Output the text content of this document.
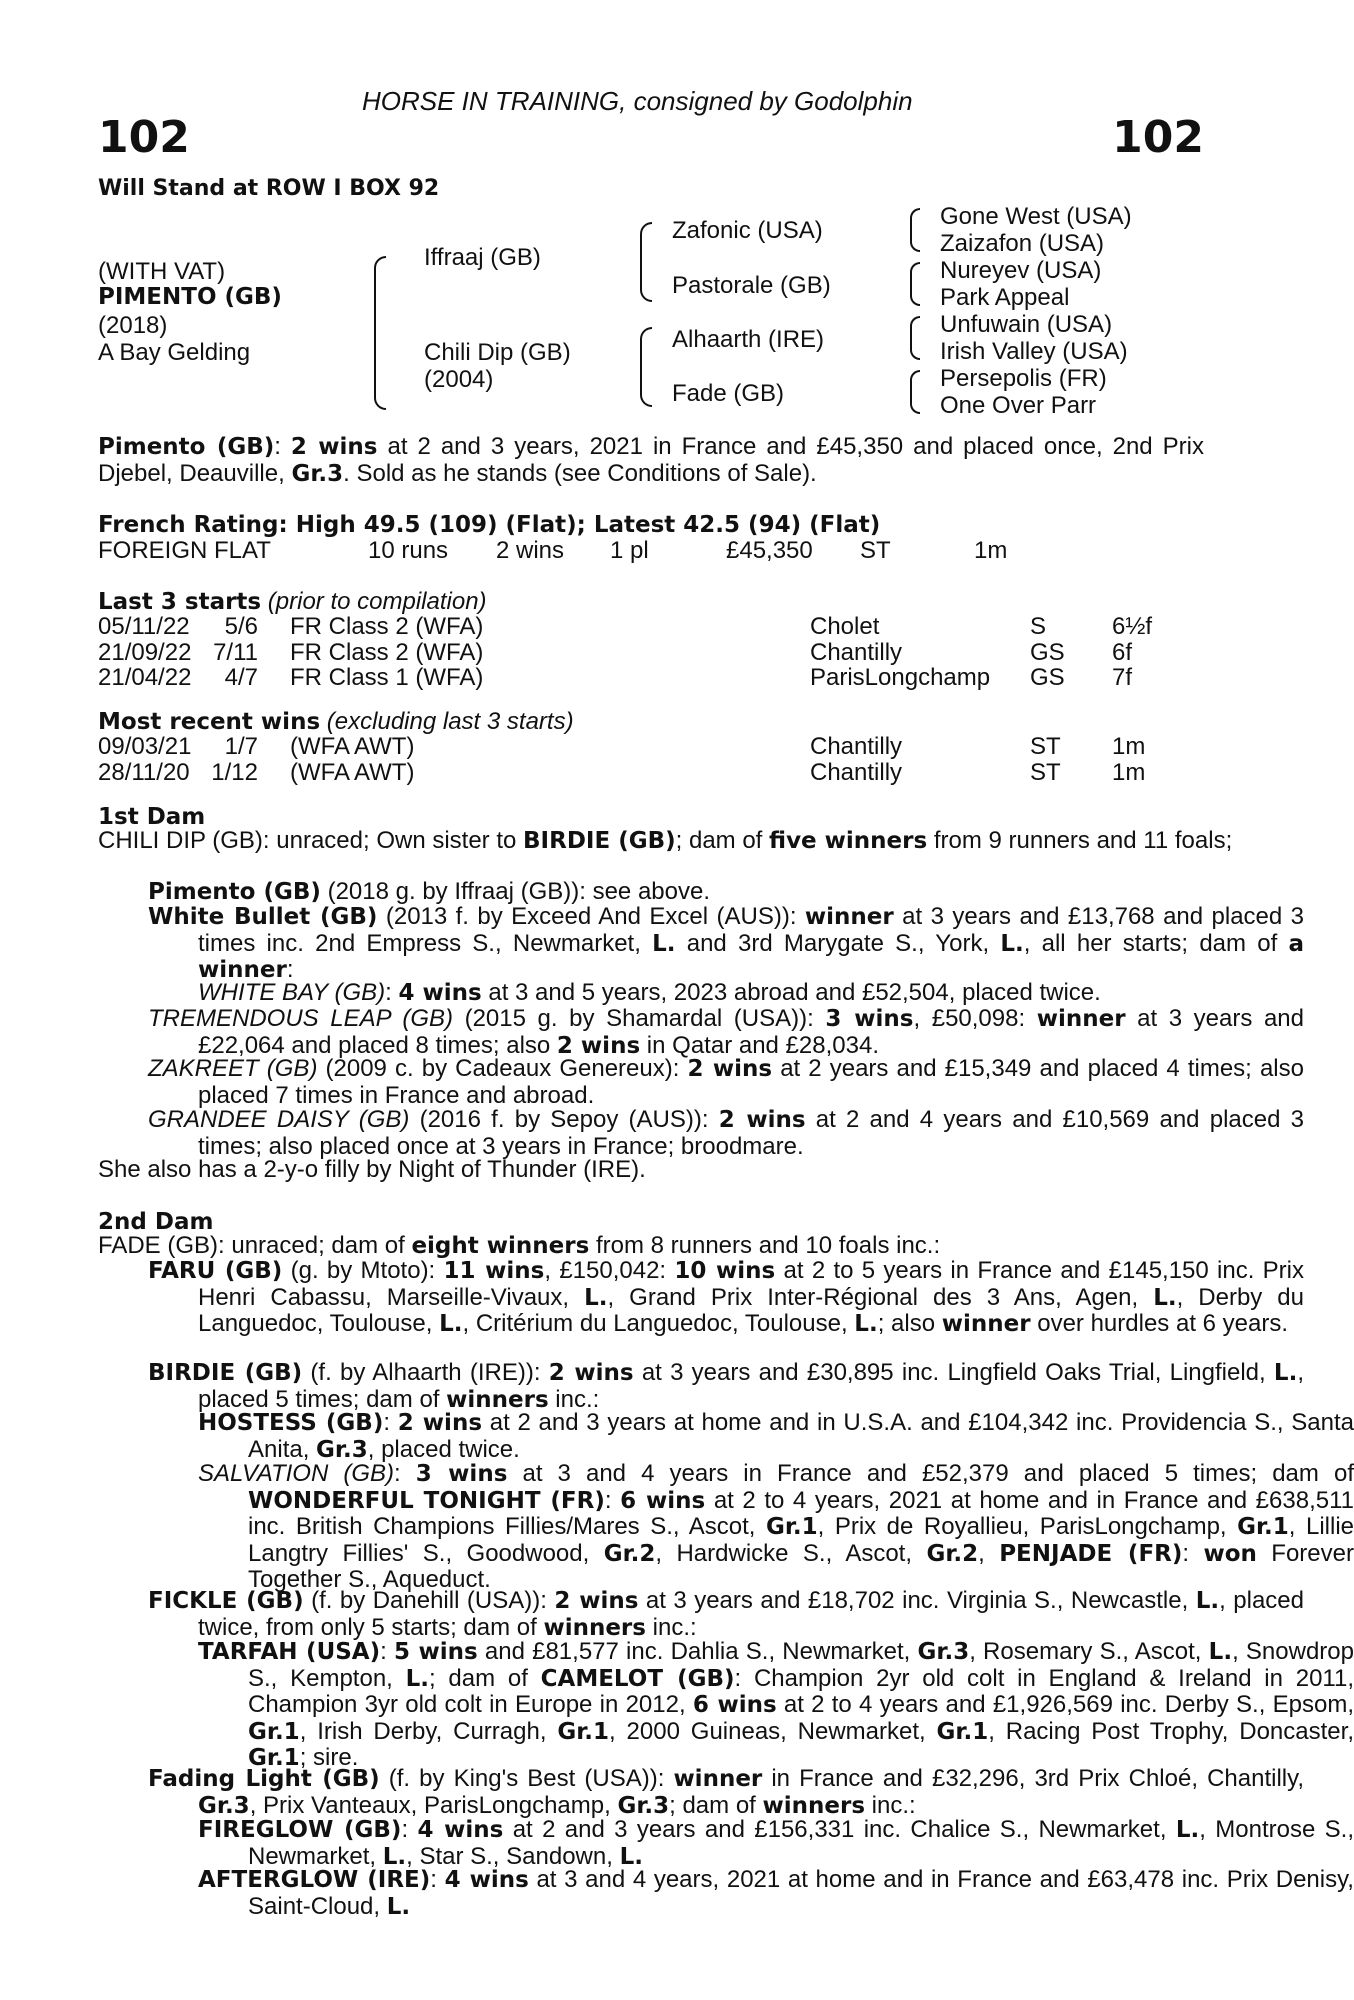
102	102
HORSE IN TRAINING, consigned by Godolphin
Will Stand at ROW I BOX 92
(WITH VAT)
PIMENTO (GB)
(2018)
A Bay Gelding
Iffraaj (GB)
Chili Dip (GB)
(2004)
Zafonic (USA)
Pastorale (GB)
Alhaarth (IRE)
Fade (GB)
Gone West (USA)
Zaizafon (USA)
Nureyev (USA)
Park Appeal
Unfuwain (USA)
Irish Valley (USA)
Persepolis (FR)
One Over Parr

Pimento (GB): 2 wins at 2 and 3 years, 2021 in France and £45,350 and placed once, 2nd Prix Djebel, Deauville, Gr.3. Sold as he stands (see Conditions of Sale).

French Rating: High 49.5 (109) (Flat); Latest 42.5 (94) (Flat)
FOREIGN FLAT	10 runs 2 wins 1 pl	£45,350 ST	1m
Last 3 starts (prior to compilation)
05/11/22	5/6 FR Class 2 (WFA)	Cholet	S	6½f
21/09/22 7/11 FR Class 2 (WFA)	Chantilly	GS 6f
21/04/22	4/7 FR Class 1 (WFA)	ParisLongchamp GS 7f
Most recent wins (excluding last 3 starts)
09/03/21	1/7 (WFA AWT)	Chantilly	ST 1m
28/11/20 1/12 (WFA AWT)	Chantilly	ST 1m
1st Dam

CHILI DIP (GB): unraced; Own sister to BIRDIE (GB); dam of five winners from 9 runners and 11 foals;

Pimento (GB) (2018 g. by Iffraaj (GB)): see above.

White Bullet (GB) (2013 f. by Exceed And Excel (AUS)): winner at 3 years and £13,768 and placed 3 times inc. 2nd Empress S., Newmarket, L. and 3rd Marygate S., York, L., all her starts; dam of a winner:

WHITE BAY (GB): 4 wins at 3 and 5 years, 2023 abroad and £52,504, placed twice.

TREMENDOUS LEAP (GB) (2015 g. by Shamardal (USA)): 3 wins, £50,098: winner at 3 years and £22,064 and placed 8 times; also 2 wins in Qatar and £28,034.

ZAKREET (GB) (2009 c. by Cadeaux Genereux): 2 wins at 2 years and £15,349 and placed 4 times; also placed 7 times in France and abroad.

GRANDEE DAISY (GB) (2016 f. by Sepoy (AUS)): 2 wins at 2 and 4 years and £10,569 and placed 3 times; also placed once at 3 years in France; broodmare.

She also has a 2-y-o filly by Night of Thunder (IRE).

2nd Dam

FADE (GB): unraced; dam of eight winners from 8 runners and 10 foals inc.:

FARU (GB) (g. by Mtoto): 11 wins, £150,042: 10 wins at 2 to 5 years in France and £145,150 inc. Prix Henri Cabassu, Marseille-Vivaux, L., Grand Prix Inter-Régional des 3 Ans, Agen, L., Derby du Languedoc, Toulouse, L., Critérium du Languedoc, Toulouse, L.; also winner over hurdles at 6 years.

BIRDIE (GB) (f. by Alhaarth (IRE)): 2 wins at 3 years and £30,895 inc. Lingfield Oaks Trial, Lingfield, L., placed 5 times; dam of winners inc.:

HOSTESS (GB): 2 wins at 2 and 3 years at home and in U.S.A. and £104,342 inc. Providencia S., Santa Anita, Gr.3, placed twice.

SALVATION (GB): 3 wins at 3 and 4 years in France and £52,379 and placed 5 times; dam of WONDERFUL TONIGHT (FR): 6 wins at 2 to 4 years, 2021 at home and in France and £638,511 inc. British Champions Fillies/Mares S., Ascot, Gr.1, Prix de Royallieu, ParisLongchamp, Gr.1, Lillie Langtry Fillies' S., Goodwood, Gr.2, Hardwicke S., Ascot, Gr.2, PENJADE (FR): won Forever Together S., Aqueduct.

FICKLE (GB) (f. by Danehill (USA)): 2 wins at 3 years and £18,702 inc. Virginia S., Newcastle, L., placed twice, from only 5 starts; dam of winners inc.:

TARFAH (USA): 5 wins and £81,577 inc. Dahlia S., Newmarket, Gr.3, Rosemary S., Ascot, L., Snowdrop S., Kempton, L.; dam of CAMELOT (GB): Champion 2yr old colt in England & Ireland in 2011, Champion 3yr old colt in Europe in 2012, 6 wins at 2 to 4 years and £1,926,569 inc. Derby S., Epsom, Gr.1, Irish Derby, Curragh, Gr.1, 2000 Guineas, Newmarket, Gr.1, Racing Post Trophy, Doncaster, Gr.1; sire.

Fading Light (GB) (f. by King's Best (USA)): winner in France and £32,296, 3rd Prix Chloé, Chantilly, Gr.3, Prix Vanteaux, ParisLongchamp, Gr.3; dam of winners inc.:

FIREGLOW (GB): 4 wins at 2 and 3 years and £156,331 inc. Chalice S., Newmarket, L., Montrose S., Newmarket, L., Star S., Sandown, L.

AFTERGLOW (IRE): 4 wins at 3 and 4 years, 2021 at home and in France and £63,478 inc. Prix Denisy, Saint-Cloud, L.
